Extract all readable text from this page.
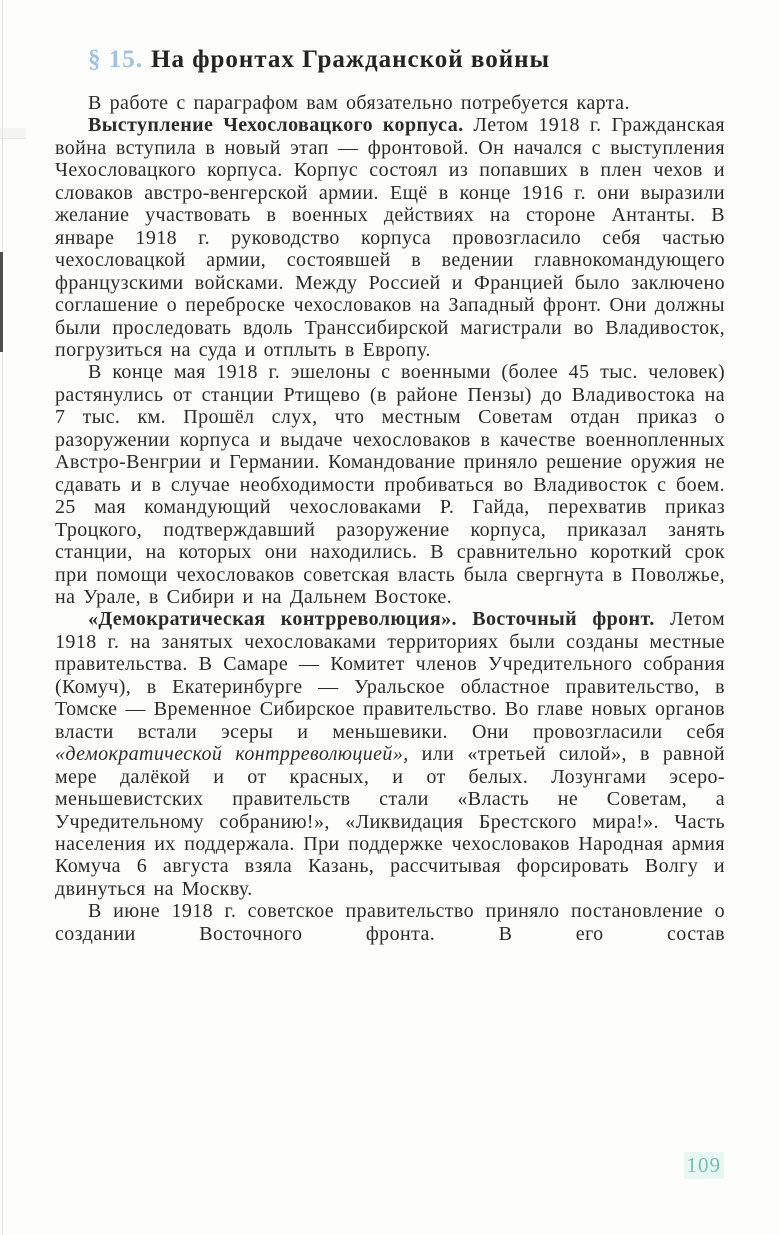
§ 15. На фронтах Гражданской войны

В работе с параграфом вам обязательно потребуется карта.

Выступление Чехословацкого корпуса. Летом 1918 г. Гражданская война вступила в новый этап — фронтовой. Он начался с выступления Чехословацкого корпуса. Корпус состоял из попавших в плен чехов и словаков австро-венгерской армии. Ещё в конце 1916 г. они выразили желание участвовать в военных действиях на стороне Антанты. В январе 1918 г. руководство корпуса провозгласило себя частью чехословацкой армии, состоявшей в ведении главнокомандующего французскими войсками. Между Россией и Францией было заключено соглашение о переброске чехословаков на Западный фронт. Они должны были проследовать вдоль Транссибирской магистрали во Владивосток, погрузиться на суда и отплыть в Европу.

В конце мая 1918 г. эшелоны с военными (более 45 тыс. человек) растянулись от станции Ртищево (в районе Пензы) до Владивостока на 7 тыс. км. Прошёл слух, что местным Советам отдан приказ о разоружении корпуса и выдаче чехословаков в качестве военнопленных Австро-Венгрии и Германии. Командование приняло решение оружия не сдавать и в случае необходимости пробиваться во Владивосток с боем. 25 мая командующий чехословаками Р. Гайда, перехватив приказ Троцкого, подтверждавший разоружение корпуса, приказал занять станции, на которых они находились. В сравнительно короткий срок при помощи чехословаков советская власть была свергнута в Поволжье, на Урале, в Сибири и на Дальнем Востоке.

«Демократическая контрреволюция». Восточный фронт. Летом 1918 г. на занятых чехословаками территориях были созданы местные правительства. В Самаре — Комитет членов Учредительного собрания (Комуч), в Екатеринбурге — Уральское областное правительство, в Томске — Временное Сибирское правительство. Во главе новых органов власти встали эсеры и меньшевики. Они провозгласили себя «демократической контрреволюцией», или «третьей силой», в равной мере далёкой и от красных, и от белых. Лозунгами эсеро-меньшевистских правительств стали «Власть не Советам, а Учредительному собранию!», «Ликвидация Брестского мира!». Часть населения их поддержала. При поддержке чехословаков Народная армия Комуча 6 августа взяла Казань, рассчитывая форсировать Волгу и двинуться на Москву.

В июне 1918 г. советское правительство приняло постановление о создании Восточного фронта. В его состав

109
